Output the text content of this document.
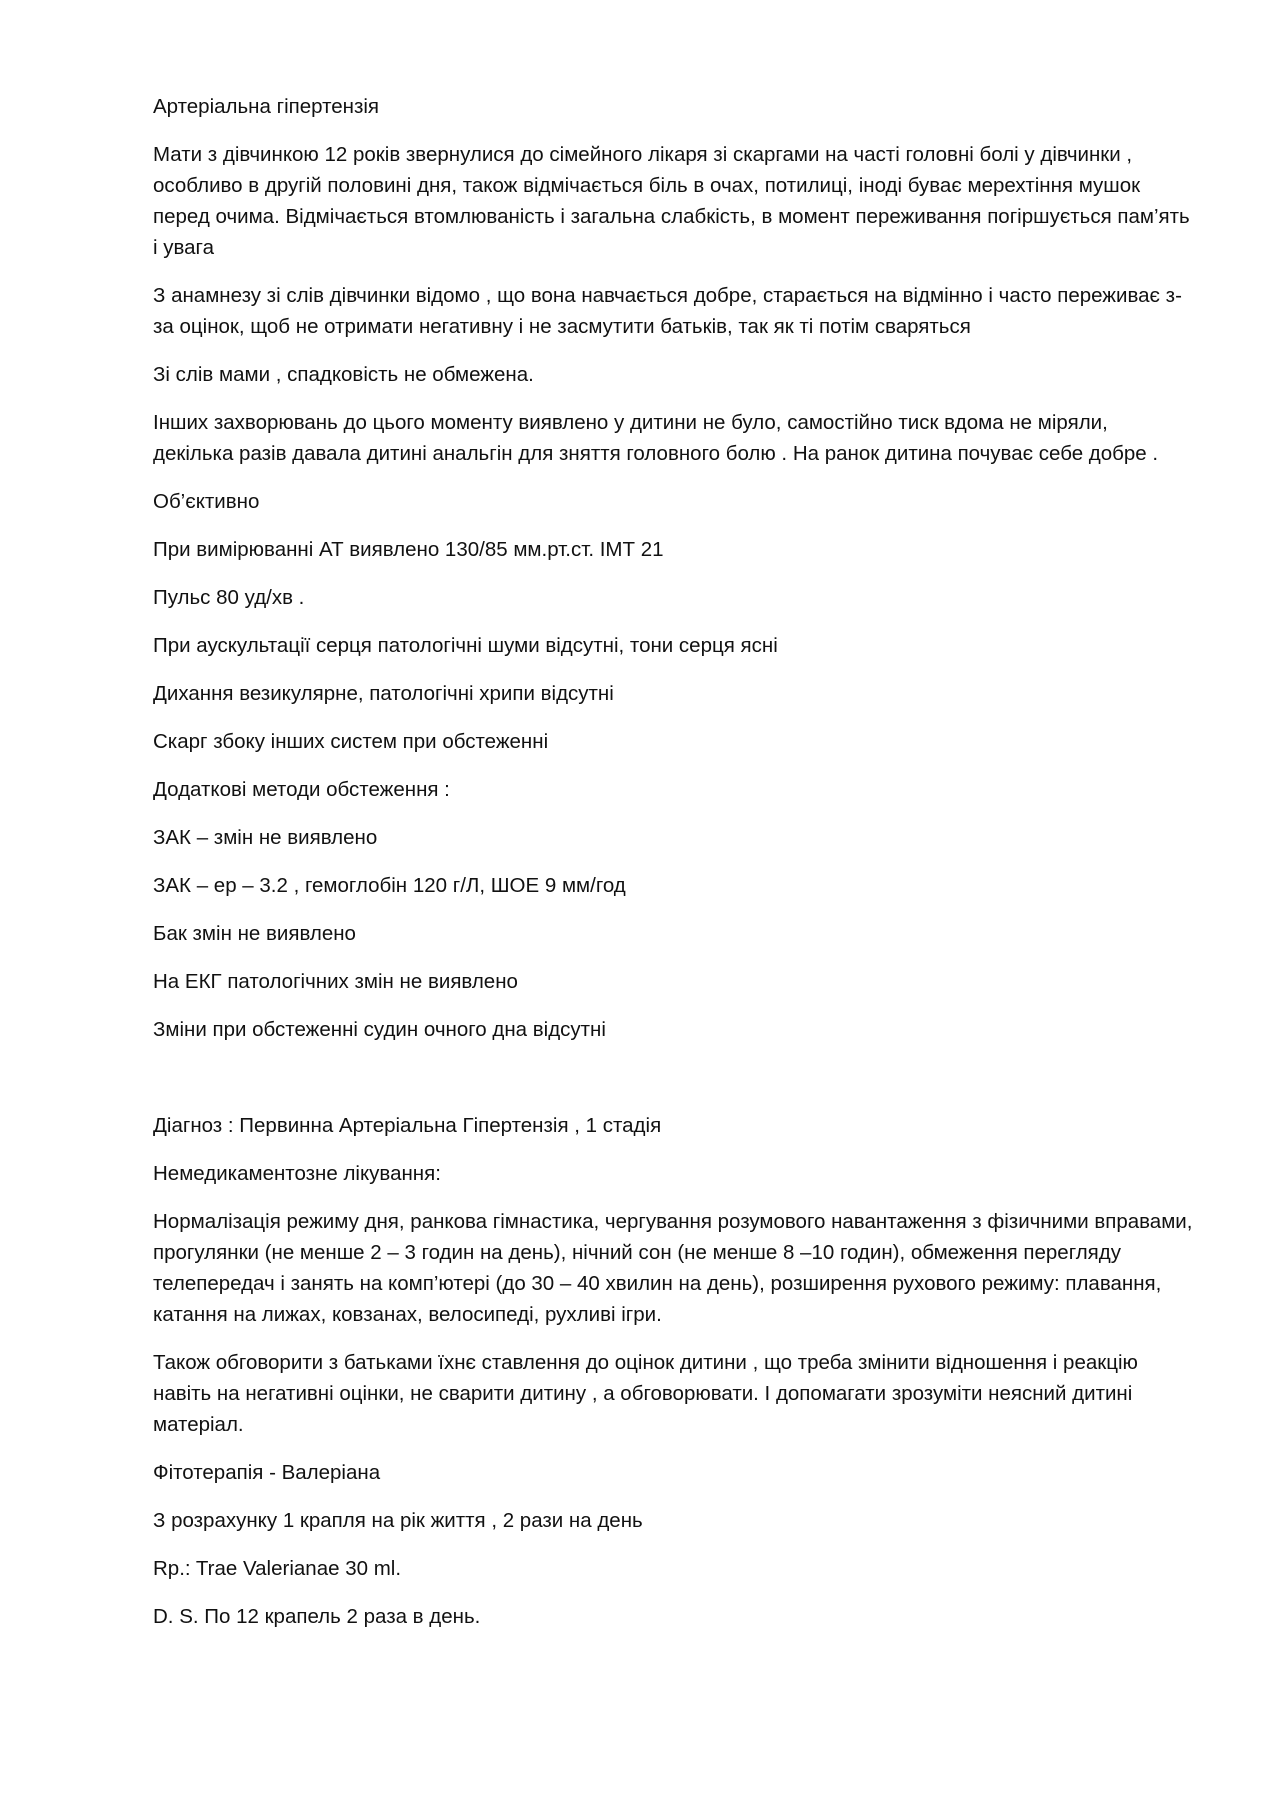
Артеріальна гіпертензія

Мати з дівчинкою 12 років звернулися до сімейного лікаря зі скаргами на часті головні болі у дівчинки , особливо в другій половині дня, також відмічається біль в очах, потилиці, іноді буває мерехтіння мушок перед очима. Відмічається втомлюваність і загальна слабкість, в момент переживання погіршується пам’ять і увага

З анамнезу зі слів дівчинки відомо , що вона навчається добре, старається на відмінно і часто переживає з-за оцінок, щоб не отримати негативну і не засмутити батьків, так як ті потім сваряться

Зі слів мами , спадковість не обмежена.

Інших захворювань до цього моменту виявлено у дитини не було, самостійно тиск вдома не міряли, декілька разів давала дитині анальгін для зняття головного болю . На ранок дитина почуває себе добре .

Об’єктивно

При вимірюванні АТ виявлено 130/85 мм.рт.ст. ІМТ 21

Пульс 80 уд/хв .

При аускультації серця патологічні шуми відсутні, тони серця ясні

Дихання везикулярне, патологічні хрипи відсутні

Скарг збоку інших систем при обстеженні

Додаткові методи обстеження :

ЗАК – змін не виявлено

ЗАК – ер – 3.2 , гемоглобін 120 г/Л, ШОЕ 9 мм/год

Бак змін не виявлено

На ЕКГ патологічних змін не виявлено

Зміни при обстеженні судин очного дна відсутні

Діагноз : Первинна Артеріальна Гіпертензія , 1 стадія

Немедикаментозне лікування:

Нормалізація режиму дня, ранкова гімнастика, чергування розумового навантаження з фізичними вправами, прогулянки (не менше 2 – 3 годин на день), нічний сон (не менше 8 –10 годин), обмеження перегляду телепередач і занять на комп’ютері (до 30 – 40 хвилин на день), розширення рухового режиму: плавання, катання на лижах, ковзанах, велосипеді, рухливі ігри.

Також обговорити з батьками їхнє ставлення до оцінок дитини , що треба змінити відношення і реакцію навіть на негативні оцінки, не сварити дитину , а обговорювати. І допомагати зрозуміти неясний дитині матеріал.

Фітотерапія - Валеріана

З розрахунку 1 крапля на рік життя , 2 рази на день

Rp.: Trae Valerianae 30 ml.

D. S. По 12 крапель 2 раза в день.
